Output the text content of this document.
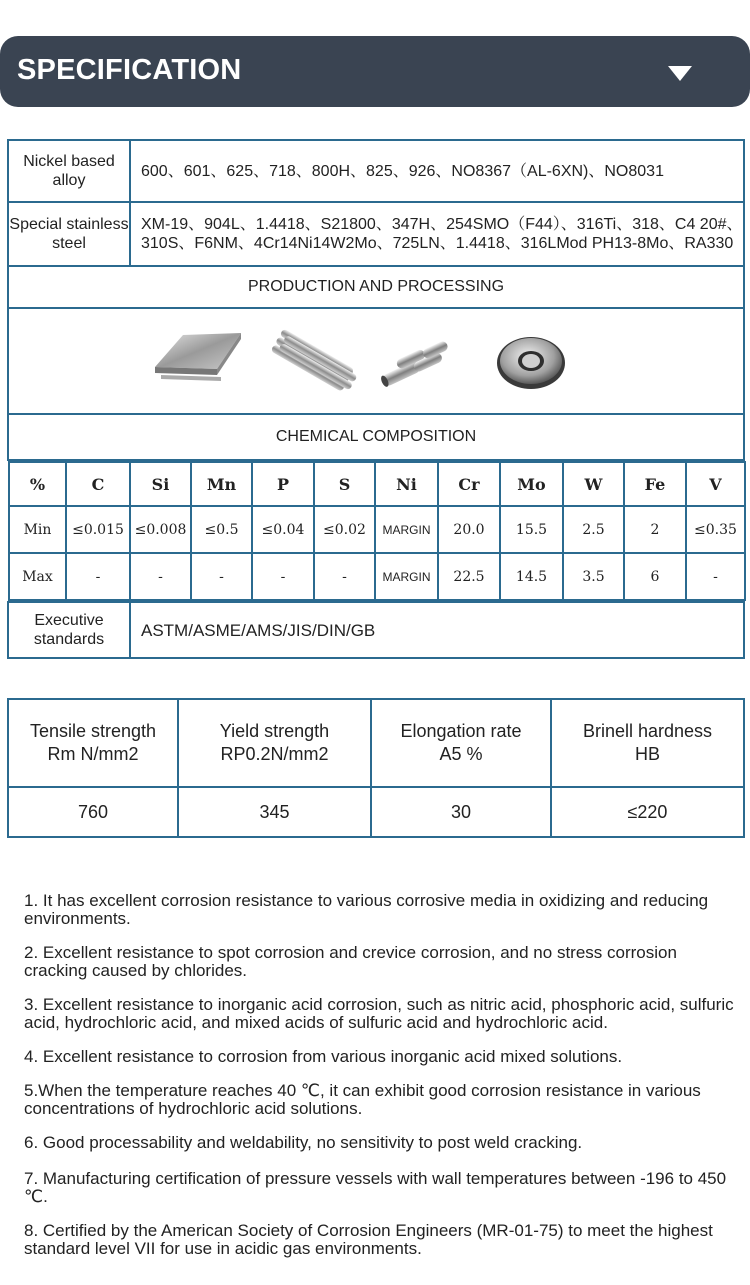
SPECIFICATION
Nickel based alloy	600、601、625、718、800H、825、926、NO8367（AL-6XN)、NO8031
Special stainless steel	XM-19、904L、1.4418、S21800、347H、254SMO（F44）、316Ti、318、C4 20#、310S、F6NM、4Cr14Ni14W2Mo、725LN、1.4418、316LMod PH13-8Mo、RA330
PRODUCTION AND PROCESSING

CHEMICAL COMPOSITION

%	C	Si	Mn	P	S	Ni	Cr	Mo	W	Fe	V
Min	≤0.015	≤0.008	≤0.5	≤0.04	≤0.02	MARGIN	20.0	15.5	2.5	2	≤0.35
Max	-	-	-	-	-	MARGIN	22.5	14.5	3.5	6	-

Executive standards	ASTM/ASME/AMS/JIS/DIN/GB
Tensile strength Rm N/mm2	Yield strength RP0.2N/mm2	Elongation rate A5 %	Brinell hardness HB
760	345	30	≤220

1. It has excellent corrosion resistance to various corrosive media in oxidizing and reducing environments.

2. Excellent resistance to spot corrosion and crevice corrosion, and no stress corrosion cracking caused by chlorides.

3. Excellent resistance to inorganic acid corrosion, such as nitric acid, phosphoric acid, sulfuric acid, hydrochloric acid, and mixed acids of sulfuric acid and hydrochloric acid.

4. Excellent resistance to corrosion from various inorganic acid mixed solutions.

5.When the temperature reaches 40 ℃, it can exhibit good corrosion resistance in various concentrations of hydrochloric acid solutions.

6. Good processability and weldability, no sensitivity to post weld cracking.

7. Manufacturing certification of pressure vessels with wall temperatures between -196 to 450 ℃.

8. Certified by the American Society of Corrosion Engineers (MR-01-75) to meet the highest standard level VII for use in acidic gas environments.
